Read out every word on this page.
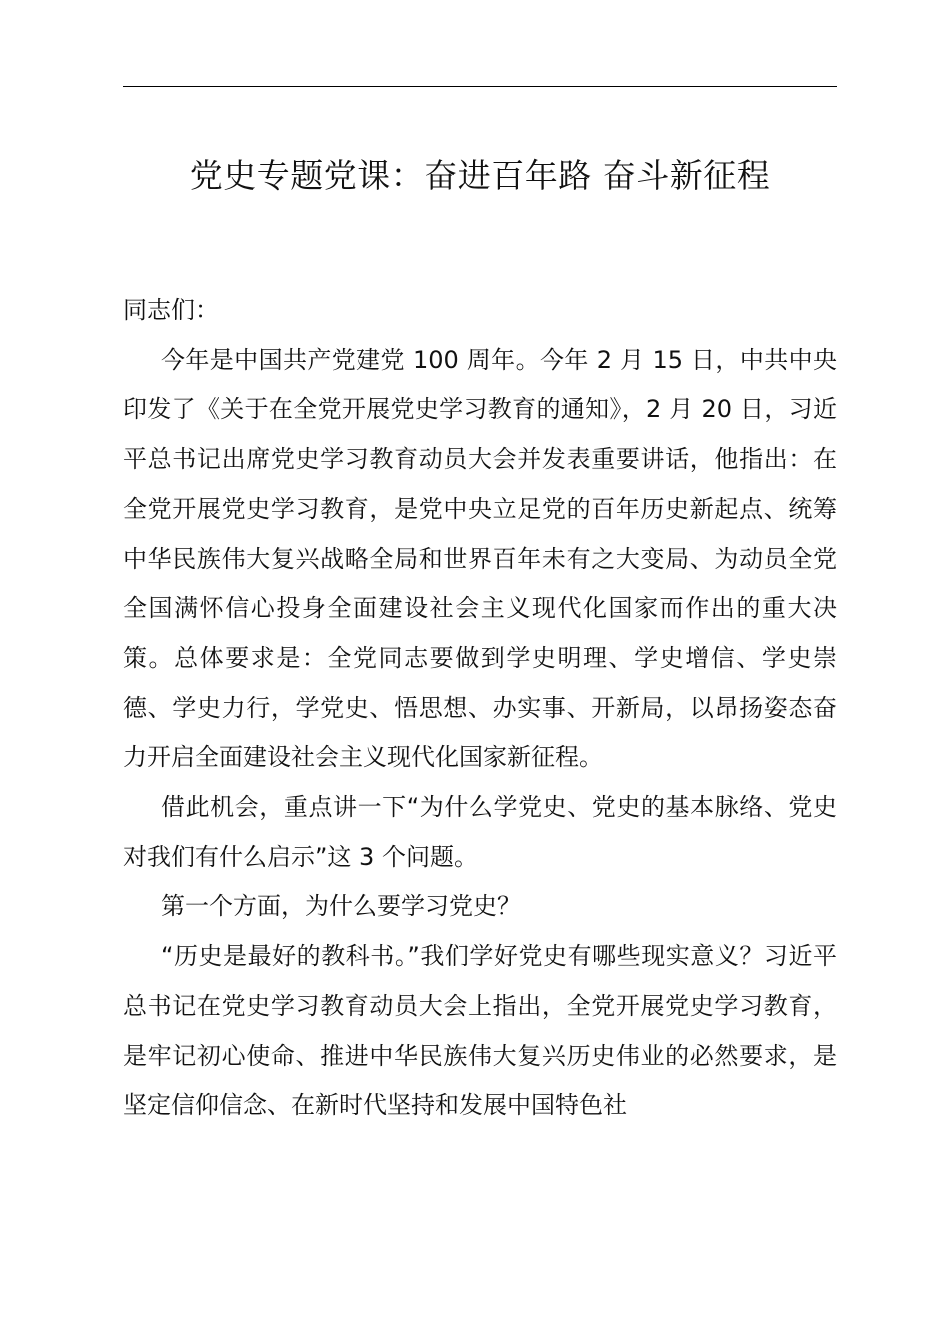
党史专题党课：奋进百年路 奋斗新征程

同志们：

今年是中国共产党建党 100 周年。今年 2 月 15 日，中共中央印发了《关于在全党开展党史学习教育的通知》，2 月 20 日，习近平总书记出席党史学习教育动员大会并发表重要讲话，他指出：在全党开展党史学习教育，是党中央立足党的百年历史新起点、统筹中华民族伟大复兴战略全局和世界百年未有之大变局、为动员全党全国满怀信心投身全面建设社会主义现代化国家而作出的重大决策。总体要求是：全党同志要做到学史明理、学史增信、学史崇德、学史力行，学党史、悟思想、办实事、开新局，以昂扬姿态奋力开启全面建设社会主义现代化国家新征程。

借此机会，重点讲一下“为什么学党史、党史的基本脉络、党史对我们有什么启示”这 3 个问题。

第一个方面，为什么要学习党史？

“历史是最好的教科书。”我们学好党史有哪些现实意义？习近平总书记在党史学习教育动员大会上指出，全党开展党史学习教育，是牢记初心使命、推进中华民族伟大复兴历史伟业的必然要求，是坚定信仰信念、在新时代坚持和发展中国特色社
